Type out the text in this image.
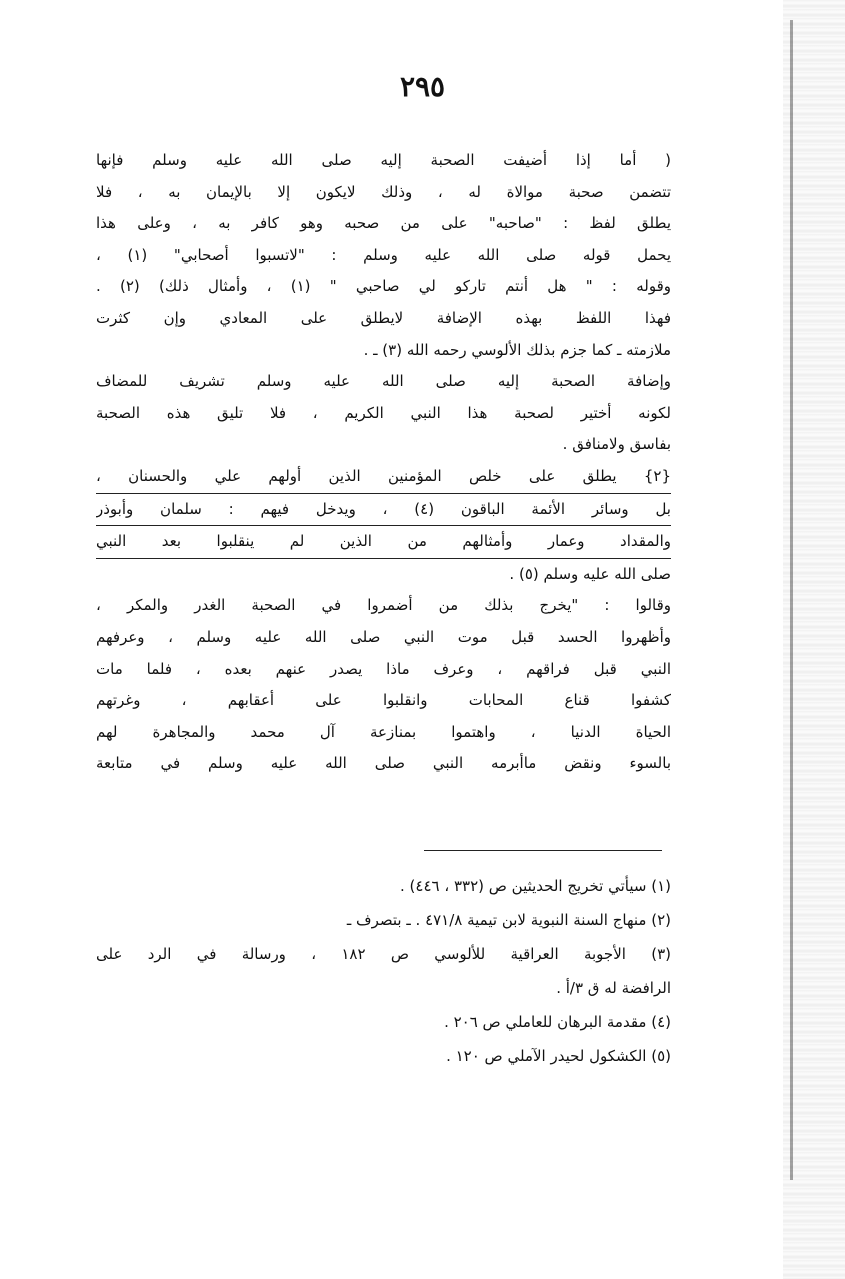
٢٩٥
( أما إذا أضيفت الصحبة إليه صلى الله عليه وسلم فإنها
تتضمن صحبة موالاة له ، وذلك لايكون إلا بالإيمان به ، فلا
يطلق لفظ : "صاحبه" على من صحبه وهو كافر به ، وعلى هذا
يحمل قوله صلى الله عليه وسلم : "لاتسبوا أصحابي" (١) ،
وقوله : " هل أنتم تاركو لي صاحبي " (١) ، وأمثال ذلك) (٢) .
فهذا اللفظ بهذه الإضافة لايطلق على المعادي وإن كثرت
ملازمته ـ كما جزم بذلك الألوسي رحمه الله (٣) ـ .
وإضافة الصحبة إليه صلى الله عليه وسلم تشريف للمضاف
لكونه أختير لصحبة هذا النبي الكريم ، فلا تليق هذه الصحبة
بفاسق ولامنافق .
{٢} يطلق على خلص المؤمنين الذين أولهم علي والحسنان ،
بل وسائر الأئمة الباقون (٤) ، ويدخل فيهم : سلمان وأبوذر
والمقداد وعمار وأمثالهم من الذين لم ينقلبوا بعد النبي
صلى الله عليه وسلم (٥) .
وقالوا : "يخرج بذلك من أضمروا في الصحبة الغدر والمكر ،
وأظهروا الحسد قبل موت النبي صلى الله عليه وسلم ، وعرفهم
النبي قبل فراقهم ، وعرف ماذا يصدر عنهم بعده ، فلما مات
كشفوا قناع المحابات وانقلبوا على أعقابهم ، وغرتهم
الحياة الدنيا ، واهتموا بمنازعة آل محمد والمجاهرة لهم
بالسوء ونقض ماأبرمه النبي صلى الله عليه وسلم في متابعة
(١) سيأتي تخريج الحديثين ص (٣٣٢ ، ٤٤٦) .
(٢) منهاج السنة النبوية لابن تيمية ٤٧١/٨ . ـ بتصرف ـ
(٣) الأجوبة العراقية للألوسي ص ١٨٢ ، ورسالة في الرد على
الرافضة له ق ٣/أ .
(٤) مقدمة البرهان للعاملي ص ٢٠٦ .
(٥) الكشكول لحيدر الآملي ص ١٢٠ .
